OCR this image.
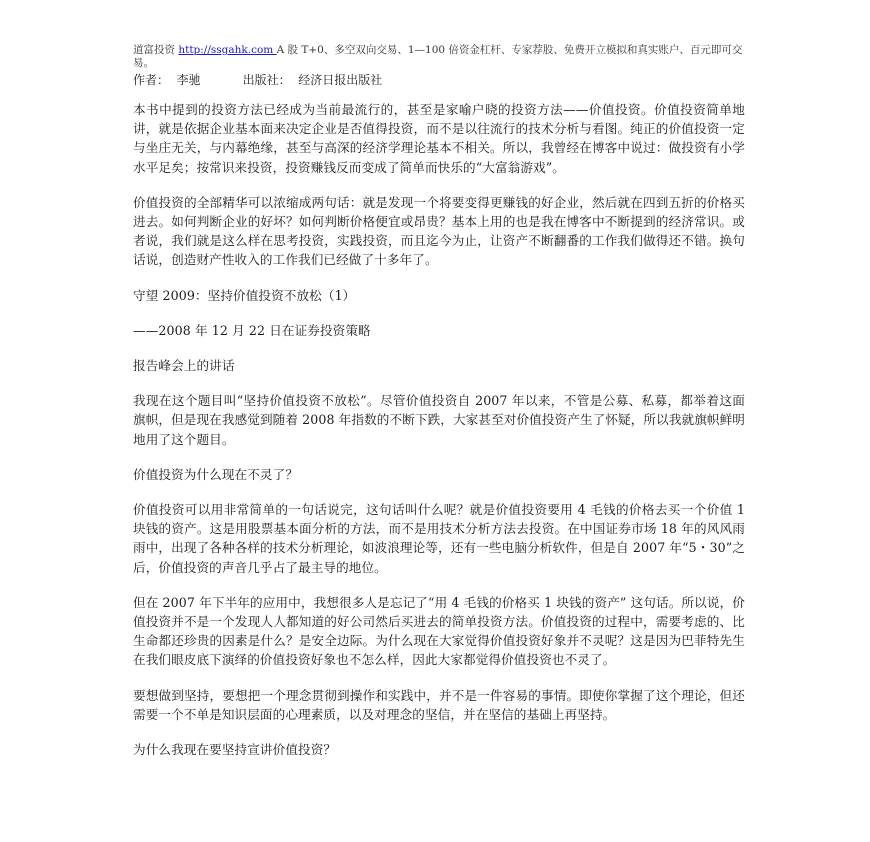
道富投资 http://ssgahk.com A 股 T+0、多空双向交易、1—100 倍资金杠杆、专家荐股、免费开立模拟和真实账户、百元即可交易。
作者：  李驰	出版社：  经济日报出版社

本书中提到的投资方法已经成为当前最流行的，甚至是家喻户晓的投资方法——价值投资。价值投资简单地讲，就是依据企业基本面来决定企业是否值得投资，而不是以往流行的技术分析与看图。纯正的价值投资一定与坐庄无关，与内幕绝缘，甚至与高深的经济学理论基本不相关。所以，我曾经在博客中说过：做投资有小学水平足矣；按常识来投资，投资赚钱反而变成了简单而快乐的“大富翁游戏”。

价值投资的全部精华可以浓缩成两句话：就是发现一个将要变得更赚钱的好企业，然后就在四到五折的价格买进去。如何判断企业的好坏？如何判断价格便宜或昂贵？基本上用的也是我在博客中不断提到的经济常识。或者说，我们就是这么样在思考投资，实践投资，而且迄今为止，让资产不断翻番的工作我们做得还不错。换句话说，创造财产性收入的工作我们已经做了十多年了。

守望 2009：坚持价值投资不放松（1）

——2008 年 12 月 22 日在证券投资策略

报告峰会上的讲话

我现在这个题目叫“坚持价值投资不放松”。尽管价值投资自 2007 年以来，不管是公募、私募，都举着这面旗帜，但是现在我感觉到随着 2008 年指数的不断下跌，大家甚至对价值投资产生了怀疑，所以我就旗帜鲜明地用了这个题目。

价值投资为什么现在不灵了？

价值投资可以用非常简单的一句话说完，这句话叫什么呢？就是价值投资要用 4 毛钱的价格去买一个价值 1 块钱的资产。这是用股票基本面分析的方法，而不是用技术分析方法去投资。在中国证券市场 18 年的风风雨雨中，出现了各种各样的技术分析理论，如波浪理论等，还有一些电脑分析软件，但是自 2007 年“5・30”之后，价值投资的声音几乎占了最主导的地位。

但在 2007 年下半年的应用中，我想很多人是忘记了“用 4 毛钱的价格买 1 块钱的资产” 这句话。所以说，价值投资并不是一个发现人人都知道的好公司然后买进去的简单投资方法。价值投资的过程中，需要考虑的、比生命都还珍贵的因素是什么？是安全边际。为什么现在大家觉得价值投资好象并不灵呢？这是因为巴菲特先生在我们眼皮底下演绎的价值投资好象也不怎么样，因此大家都觉得价值投资也不灵了。

要想做到坚持，要想把一个理念贯彻到操作和实践中，并不是一件容易的事情。即使你掌握了这个理论，但还需要一个不单是知识层面的心理素质，以及对理念的坚信，并在坚信的基础上再坚持。

为什么我现在要坚持宣讲价值投资？
